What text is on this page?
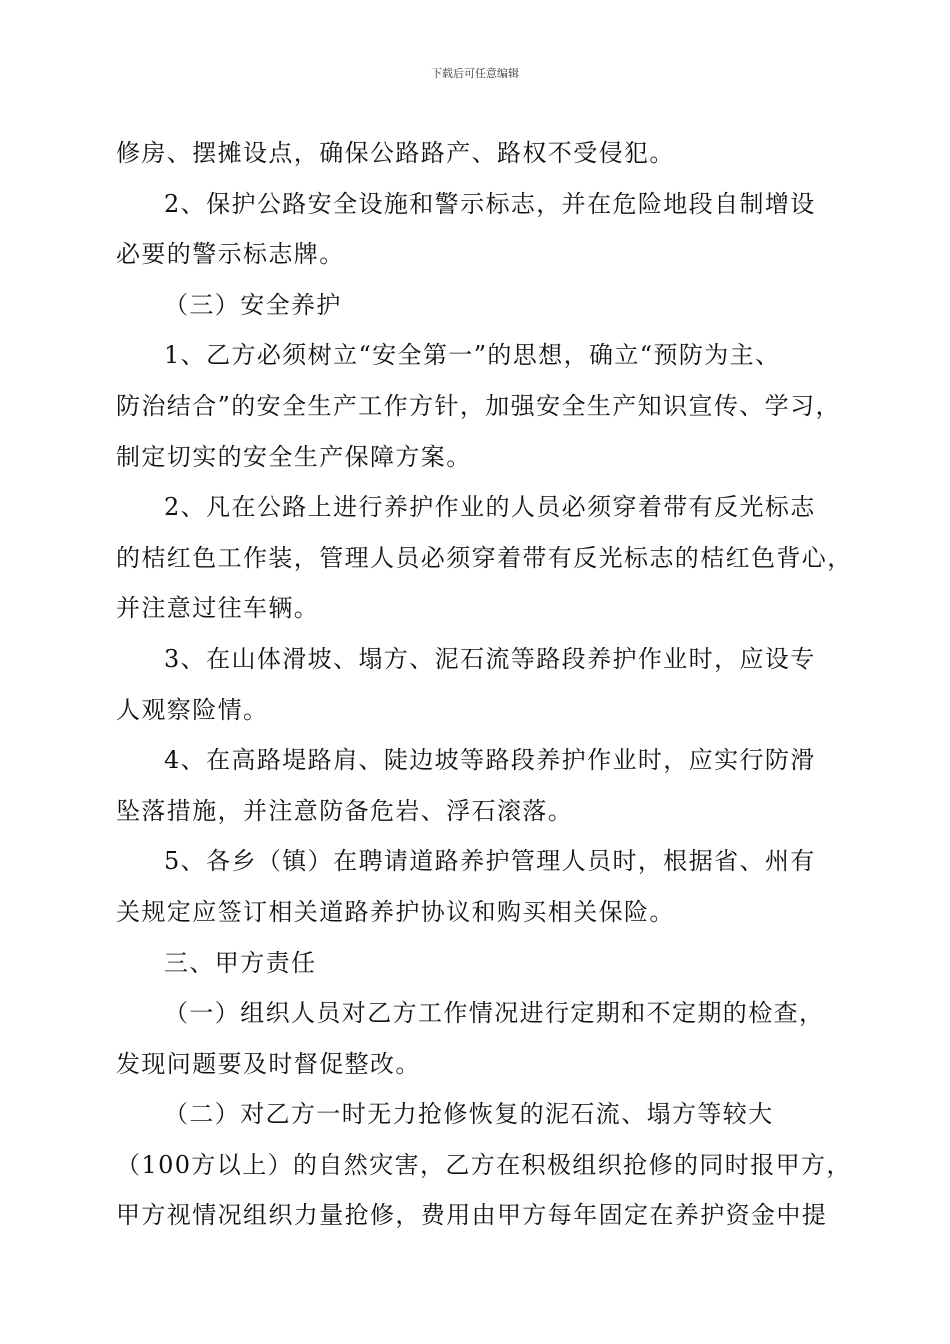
下载后可任意编辑
修房、摆摊设点，确保公路路产、路权不受侵犯。
2、保护公路安全设施和警示标志，并在危险地段自制增设
必要的警示标志牌。
（三）安全养护
1、乙方必须树立“安全第一”的思想，确立“预防为主、
防治结合”的安全生产工作方针，加强安全生产知识宣传、学习，
制定切实的安全生产保障方案。
2、凡在公路上进行养护作业的人员必须穿着带有反光标志
的桔红色工作装，管理人员必须穿着带有反光标志的桔红色背心，
并注意过往车辆。
3、在山体滑坡、塌方、泥石流等路段养护作业时，应设专
人观察险情。
4、在高路堤路肩、陡边坡等路段养护作业时，应实行防滑
坠落措施，并注意防备危岩、浮石滚落。
5、各乡（镇）在聘请道路养护管理人员时，根据省、州有
关规定应签订相关道路养护协议和购买相关保险。
三、甲方责任
（一）组织人员对乙方工作情况进行定期和不定期的检查，
发现问题要及时督促整改。
（二）对乙方一时无力抢修恢复的泥石流、塌方等较大
（100方以上）的自然灾害，乙方在积极组织抢修的同时报甲方，
甲方视情况组织力量抢修，费用由甲方每年固定在养护资金中提
